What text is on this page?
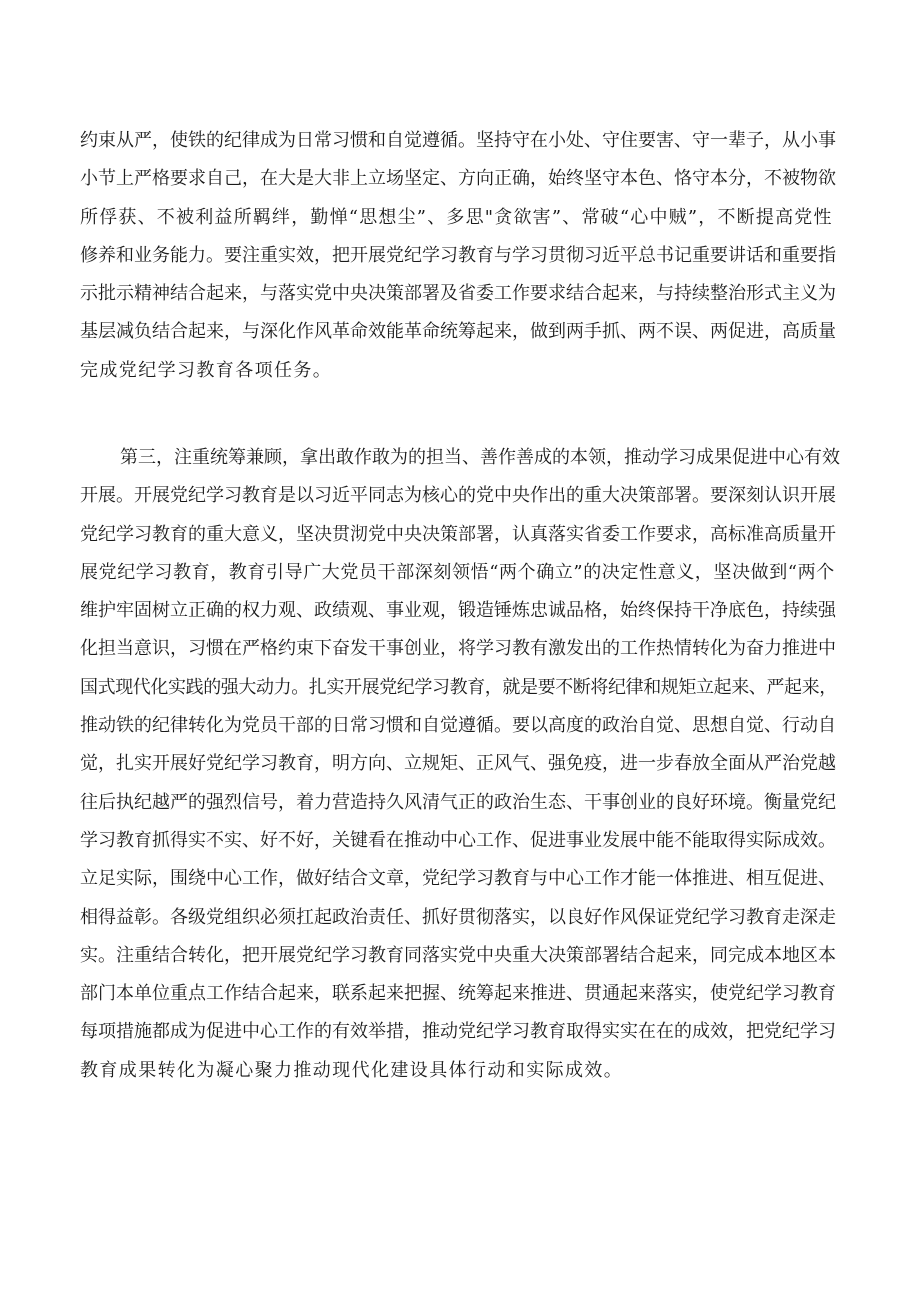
约束从严，使铁的纪律成为日常习惯和自觉遵循。坚持守在小处、守住要害、守一辈子，从小事
小节上严格要求自己，在大是大非上立场坚定、方向正确，始终坚守本色、恪守本分，不被物欲
所俘获、不被利益所羁绊，勤惮“思想尘”、多思"贪欲害”、常破“心中贼”，不断提高党性
修养和业务能力。要注重实效，把开展党纪学习教育与学习贯彻习近平总书记重要讲话和重要指
示批示精神结合起来，与落实党中央决策部署及省委工作要求结合起来，与持续整治形式主义为
基层减负结合起来，与深化作风革命效能革命统筹起来，做到两手抓、两不误、两促进，高质量
完成党纪学习教育各项任务。
第三，注重统筹兼顾，拿出敢作敢为的担当、善作善成的本领，推动学习成果促进中心有效
开展。开展党纪学习教育是以习近平同志为核心的党中央作出的重大决策部署。要深刻认识开展
党纪学习教育的重大意义，坚决贯沏党中央决策部署，认真落实省委工作要求，高标准高质量开
展党纪学习教育，教育引导广大党员干部深刻领悟“两个确立”的决定性意义，坚决做到“两个
维护牢固树立正确的权力观、政绩观、事业观，锻造锤炼忠诚品格，始终保持干净底色，持续强
化担当意识，习惯在严格约束下奋发干事创业，将学习教有激发出的工作热情转化为奋力推进中
国式现代化实践的强大动力。扎实开展党纪学习教育，就是要不断将纪律和规矩立起来、严起来，
推动铁的纪律转化为党员干部的日常习惯和自觉遵循。要以高度的政治自觉、思想自觉、行动自
觉，扎实开展好党纪学习教育，明方向、立规矩、正风气、强免疫，进一步春放全面从严治党越
往后执纪越严的强烈信号，着力营造持久风清气正的政治生态、干事创业的良好环境。衡量党纪
学习教育抓得实不实、好不好，关键看在推动中心工作、促进事业发展中能不能取得实际成效。
立足实际，围绕中心工作，做好结合文章，党纪学习教育与中心工作才能一体推进、相互促进、
相得益彰。各级党组织必须扛起政治责任、抓好贯彻落实，以良好作风保证党纪学习教育走深走
实。注重结合转化，把开展党纪学习教育同落实党中央重大决策部署结合起来，同完成本地区本
部门本单位重点工作结合起来，联系起来把握、统筹起来推进、贯通起来落实，使党纪学习教育
每项措施都成为促进中心工作的有效举措，推动党纪学习教育取得实实在在的成效，把党纪学习
教育成果转化为凝心聚力推动现代化建设具体行动和实际成效。
